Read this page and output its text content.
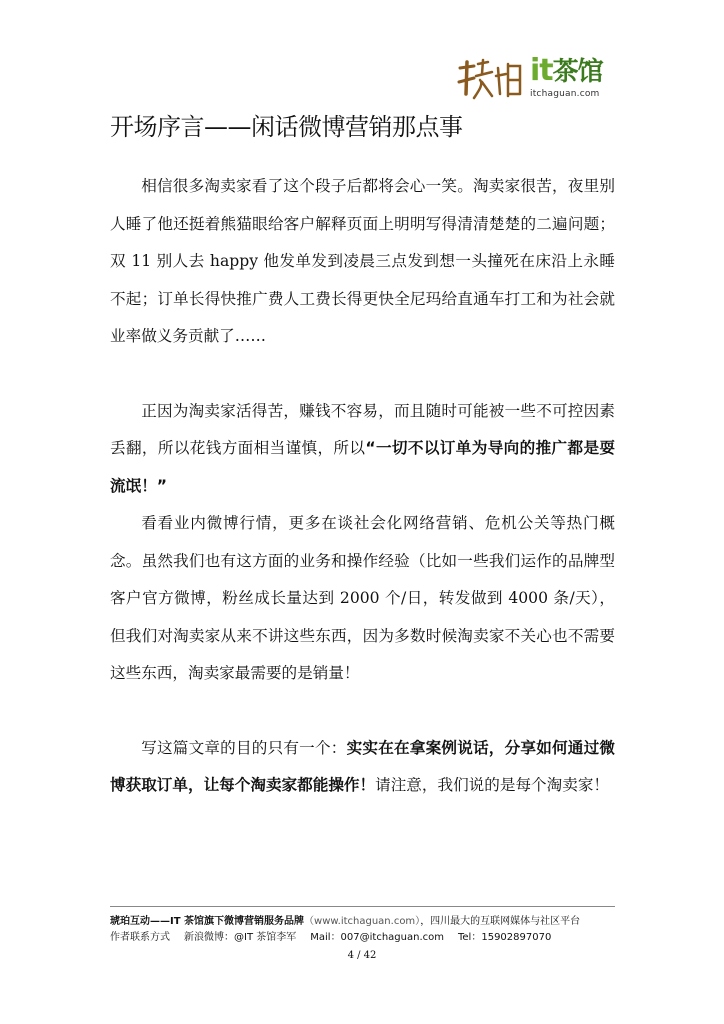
it茶馆
itchaguan.com
开场序言——闲话微博营销那点事

相信很多淘卖家看了这个段子后都将会心一笑。淘卖家很苦，夜里别人睡了他还挺着熊猫眼给客户解释页面上明明写得清清楚楚的二遍问题；双 11 别人去 happy 他发单发到凌晨三点发到想一头撞死在床沿上永睡不起；订单长得快推广费人工费长得更快全尼玛给直通车打工和为社会就业率做义务贡献了……

正因为淘卖家活得苦，赚钱不容易，而且随时可能被一些不可控因素丢翻，所以花钱方面相当谨慎，所以“一切不以订单为导向的推广都是耍流氓！”

看看业内微博行情，更多在谈社会化网络营销、危机公关等热门概念。虽然我们也有这方面的业务和操作经验（比如一些我们运作的品牌型客户官方微博，粉丝成长量达到 2000 个/日，转发做到 4000 条/天），但我们对淘卖家从来不讲这些东西，因为多数时候淘卖家不关心也不需要这些东西，淘卖家最需要的是销量！

写这篇文章的目的只有一个：实实在在拿案例说话，分享如何通过微博获取订单，让每个淘卖家都能操作！请注意，我们说的是每个淘卖家！

琥珀互动——IT 茶馆旗下微博营销服务品牌（www.itchaguan.com），四川最大的互联网媒体与社区平台
作者联系方式 新浪微博：@IT 茶馆李军 Mail：007@itchaguan.com Tel：15902897070
4 / 42
